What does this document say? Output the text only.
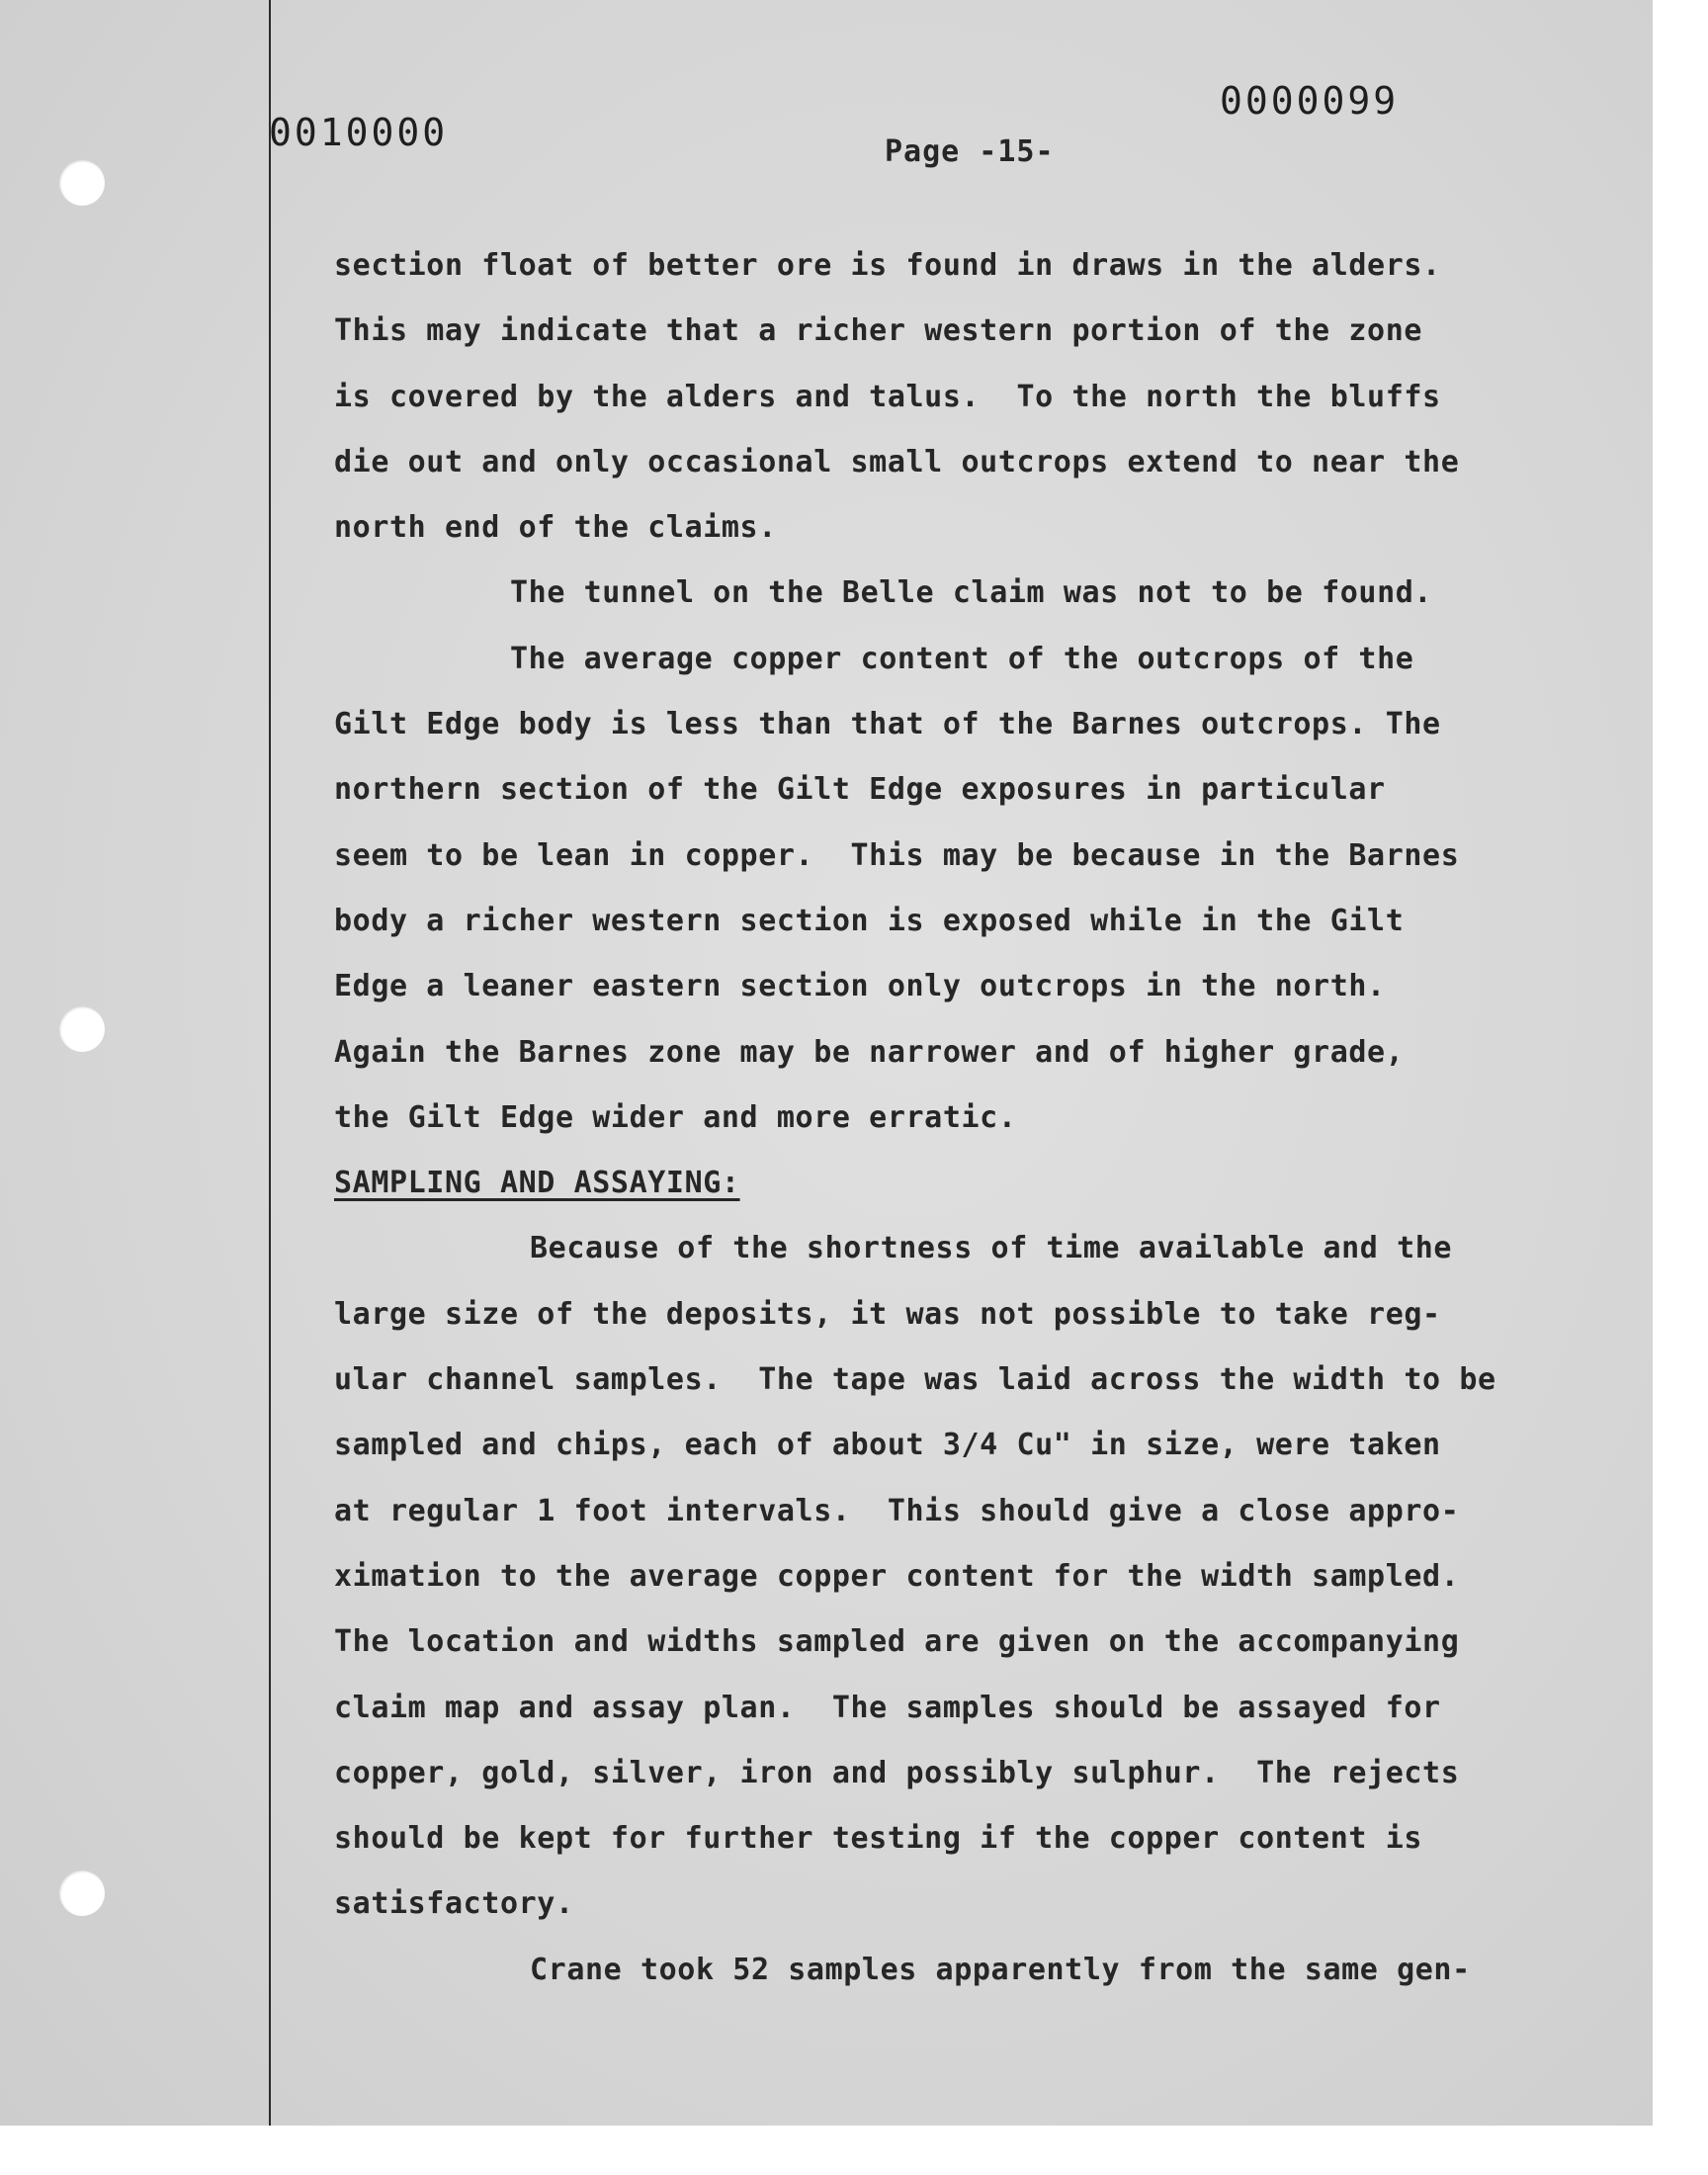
0010000
0000099
Page -15-
section float of better ore is found in draws in the alders.
This may indicate that a richer western portion of the zone
is covered by the alders and talus.  To the north the bluffs
die out and only occasional small outcrops extend to near the
north end of the claims.
The tunnel on the Belle claim was not to be found.
The average copper content of the outcrops of the
Gilt Edge body is less than that of the Barnes outcrops. The
northern section of the Gilt Edge exposures in particular
seem to be lean in copper.  This may be because in the Barnes
body a richer western section is exposed while in the Gilt
Edge a leaner eastern section only outcrops in the north.
Again the Barnes zone may be narrower and of higher grade,
the Gilt Edge wider and more erratic.
SAMPLING AND ASSAYING:
Because of the shortness of time available and the
large size of the deposits, it was not possible to take reg-
ular channel samples.  The tape was laid across the width to be
sampled and chips, each of about 3/4 Cu" in size, were taken
at regular 1 foot intervals.  This should give a close appro-
ximation to the average copper content for the width sampled.
The location and widths sampled are given on the accompanying
claim map and assay plan.  The samples should be assayed for
copper, gold, silver, iron and possibly sulphur.  The rejects
should be kept for further testing if the copper content is
satisfactory.
Crane took 52 samples apparently from the same gen-
